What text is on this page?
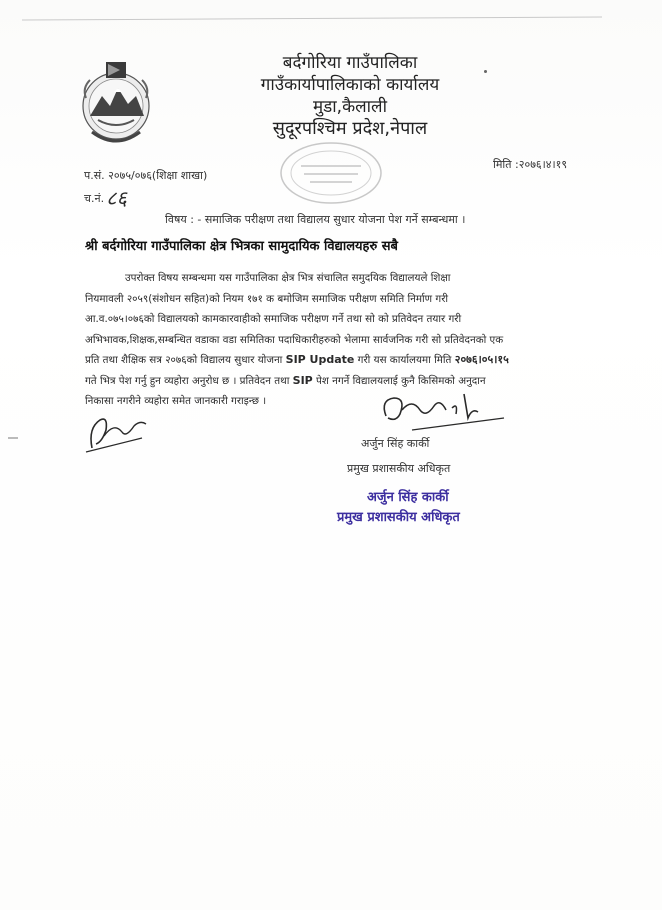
बर्दगोरिया गाउँपालिका
गाउँकार्यापालिकाको कार्यालय
मुडा,कैलाली
सुदूरपश्चिम प्रदेश,नेपाल
प.सं. २०७५/०७६(शिक्षा शाखा)
च.नं. ८६
मिति :२०७६।४।१९
विषय : - समाजिक परीक्षण तथा विद्यालय सुधार योजना पेश गर्ने सम्बन्धमा ।
श्री बर्दगोरिया गाउँपालिका क्षेत्र भित्रका सामुदायिक विद्यालयहरु सबै
उपरोक्त विषय सम्बन्धमा यस गाउँपालिका क्षेत्र भित्र संचालित समुदयिक विद्यालयले शिक्षा
नियमावली २०५९(संशोधन सहित)को नियम १७१ क बमोजिम समाजिक परीक्षण समिति निर्माण गरी
आ.व.०७५।०७६को विद्यालयको कामकारवाहीको समाजिक परीक्षण गर्ने तथा सो को प्रतिवेदन तयार गरी
अभिभावक,शिक्षक,सम्बन्धित वडाका वडा समितिका पदाधिकारीहरुको भेलामा सार्वजनिक गरी सो प्रतिवेदनको एक
प्रति तथा शैक्षिक सत्र २०७६को विद्यालय सुधार योजना SIP Update गरी यस कार्यालयमा मिति २०७६।०५।१५
गते भित्र पेश गर्नु हुन व्यहोरा अनुरोध छ । प्रतिवेदन तथा SIP पेश नगर्ने विद्यालयलाई कुनै किसिमको अनुदान
निकासा नगरीने व्यहोरा समेत जानकारी गराइन्छ ।
अर्जुन सिंह कार्की
प्रमुख प्रशासकीय अधिकृत
अर्जुन सिंह कार्की
प्रमुख प्रशासकीय अधिकृत
